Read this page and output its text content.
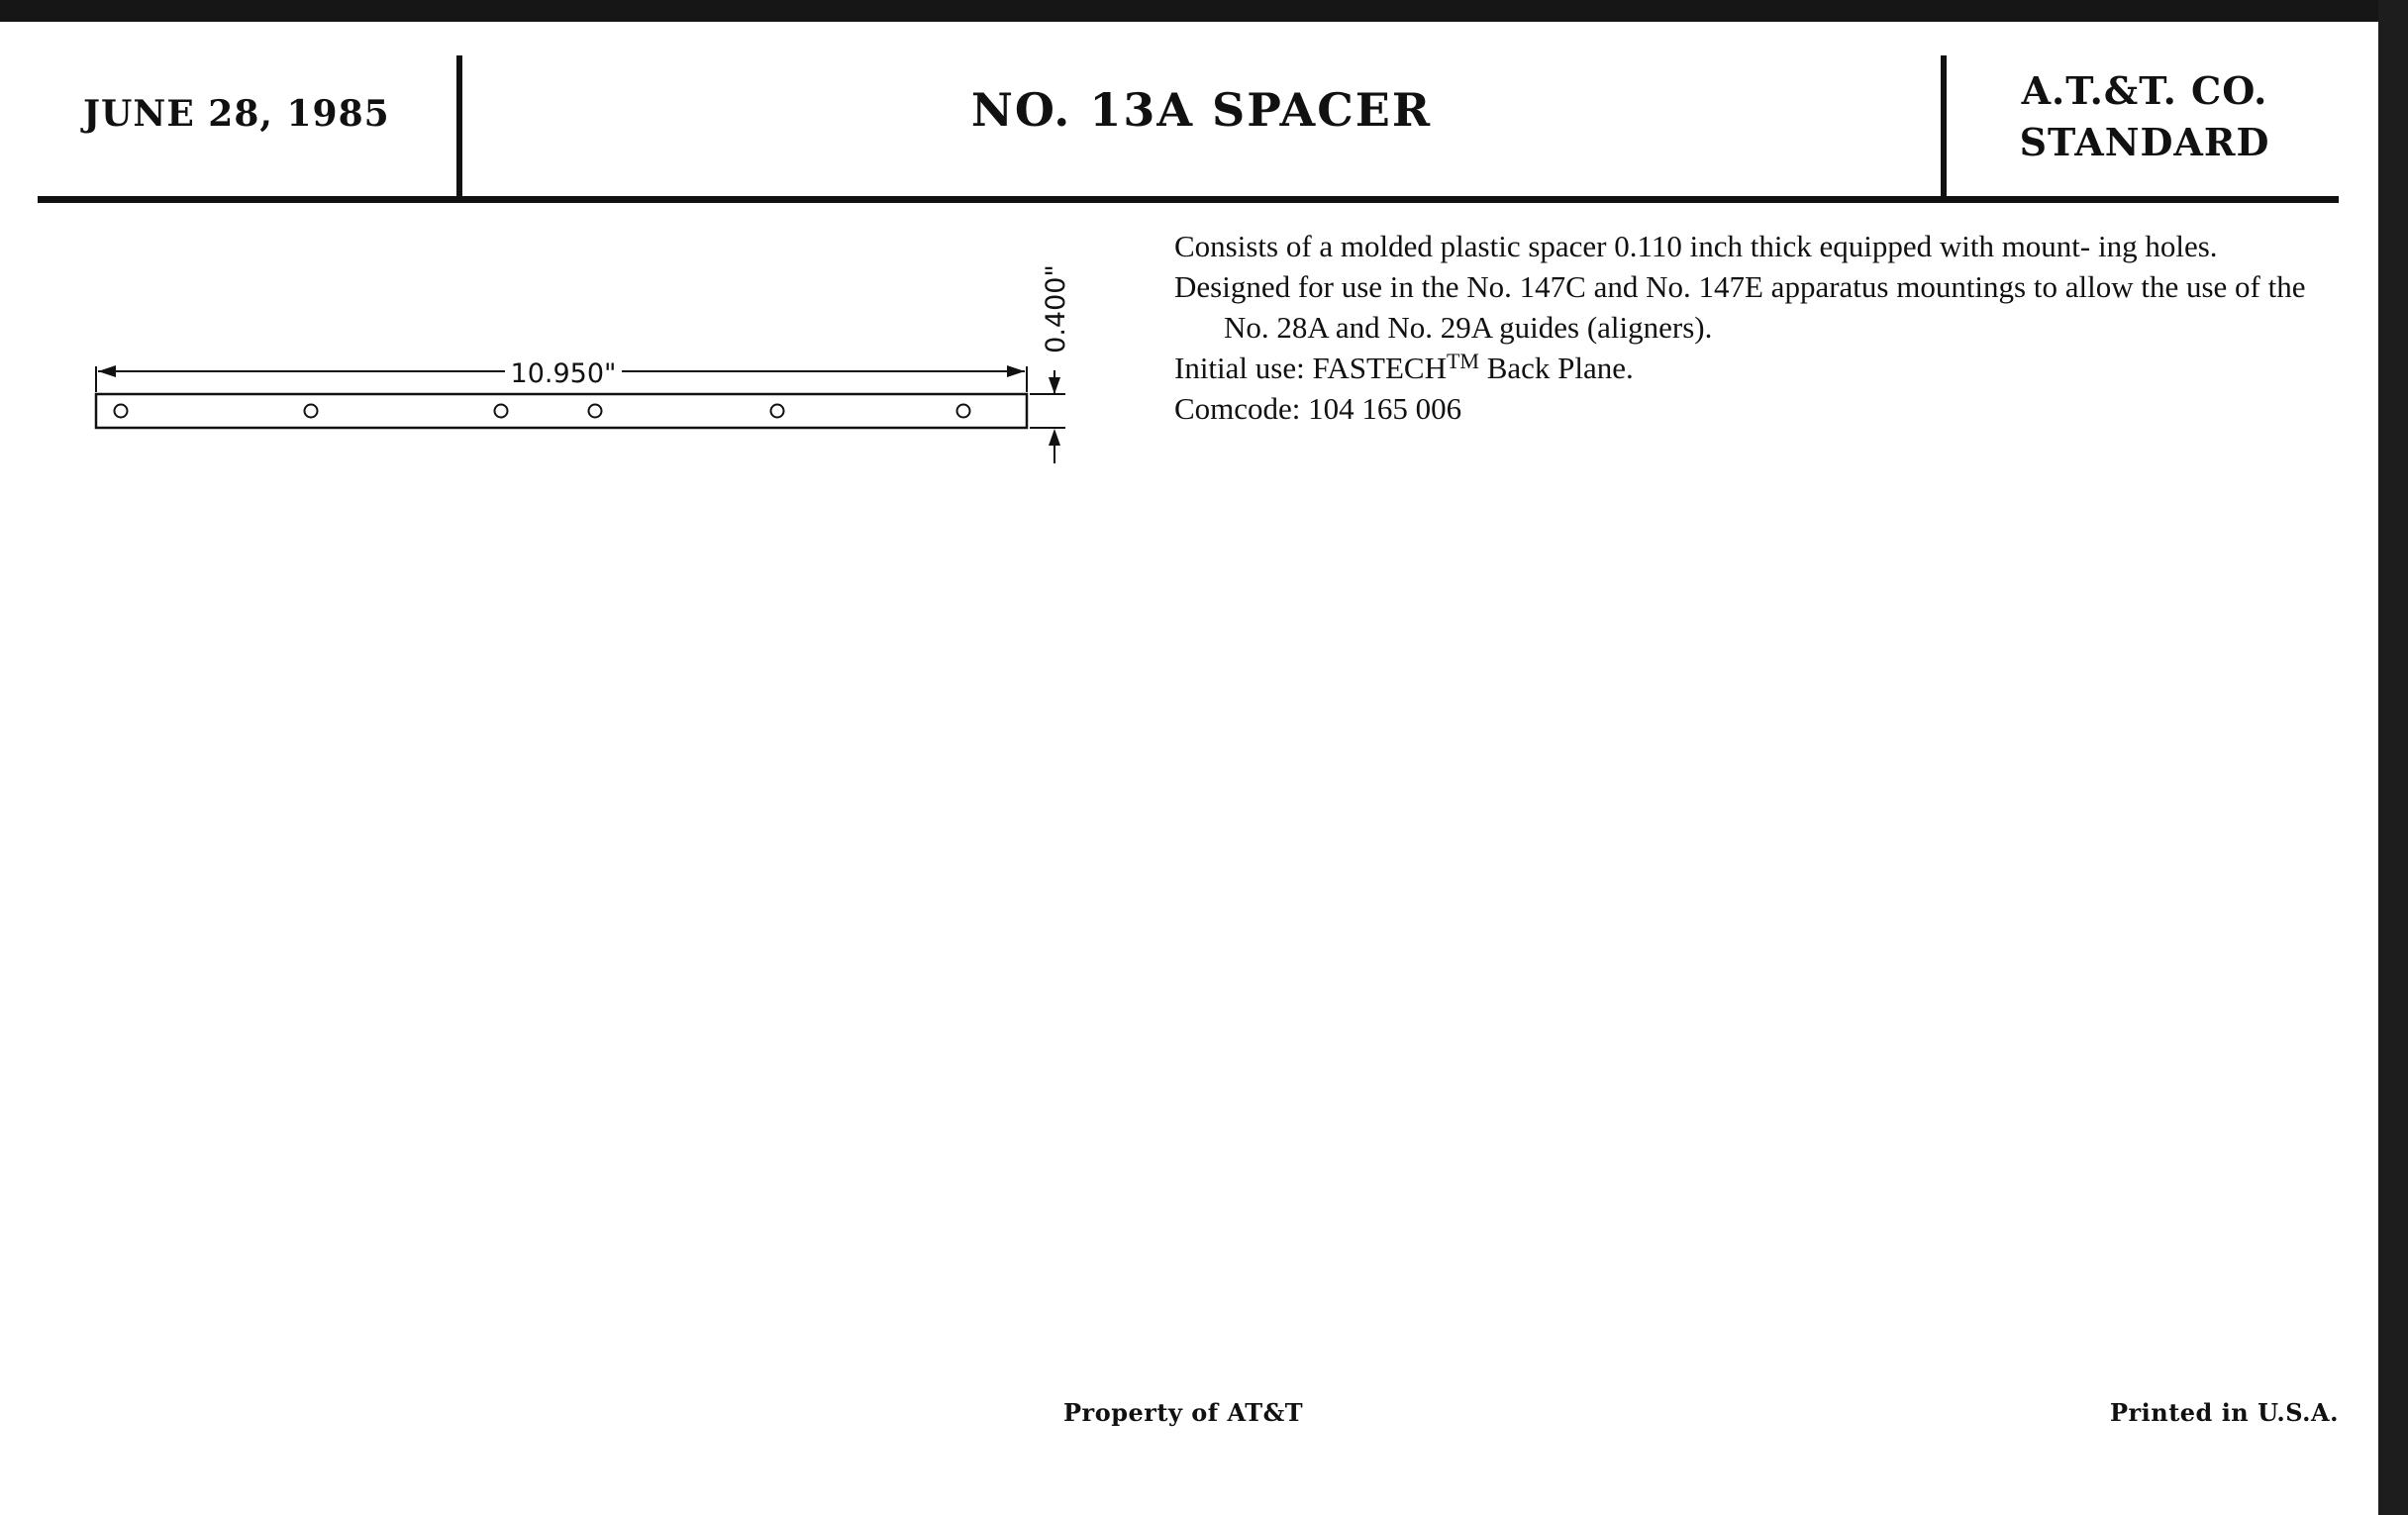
JUNE 28, 1985	NO. 13A SPACER	A.T.&T. CO.
STANDARD
10.950"
0.400"

Consists of a molded plastic spacer 0.110 inch thick equipped with mount- ing holes.

Designed for use in the No. 147C and No. 147E apparatus mountings to allow the use of the No. 28A and No. 29A guides (aligners).

Initial use: FASTECH™ Back Plane.

Comcode: 104 165 006

Property of AT&T	Printed in U.S.A.
